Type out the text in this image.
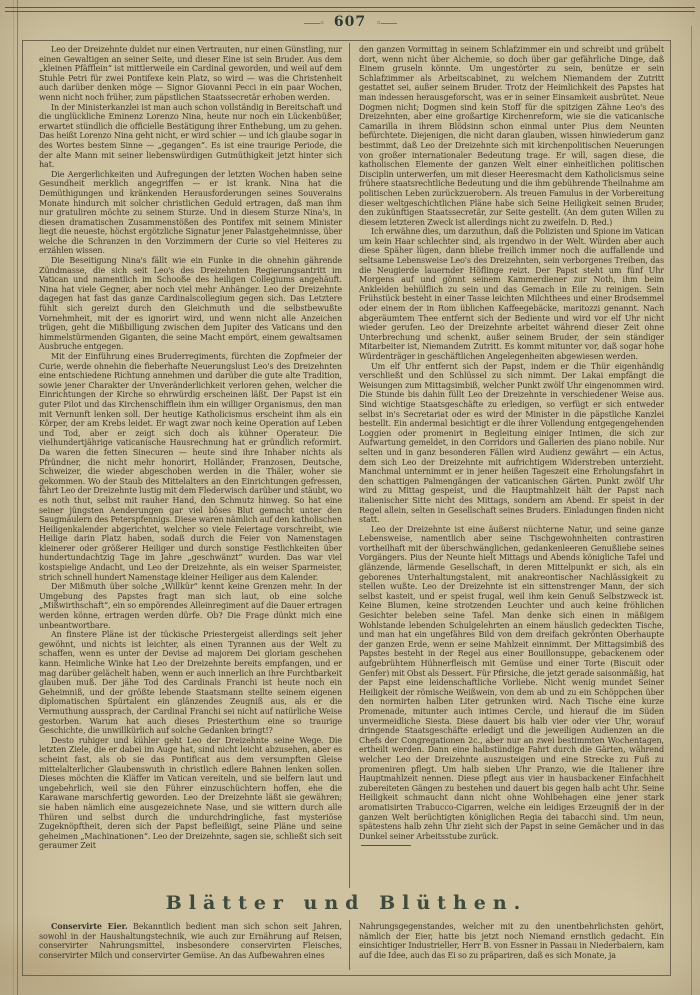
——◦ 607 ◦——

Leo der Dreizehnte duldet nur einen Vertrauten, nur einen Günstling, nur einen Gewaltigen an seiner Seite, und dieser Eine ist sein Bruder. Aus dem „kleinen Pfäfflein“ ist mittlerweile ein Cardinal geworden, und weil auf dem Stuhle Petri für zwei Pontifexe kein Platz, so wird — was die Christenheit auch darüber denken möge — Signor Giovanni Pecci in ein paar Wochen, wenn nicht noch früher, zum päpstlichen Staatssecretär erhoben werden.

In der Ministerkanzlei ist man auch schon vollständig in Bereitschaft und die unglückliche Eminenz Lorenzo Nina, heute nur noch ein Lückenbüßer, erwartet stündlich die officielle Bestätigung ihrer Enthebung, um zu gehen. Das heißt Lorenzo Nina geht nicht, er wird schier — und ich glaube sogar in des Wortes bestem Sinne — „gegangen“. Es ist eine traurige Periode, die der alte Mann mit seiner liebenswürdigen Gutmüthigkeit jetzt hinter sich hat.

Die Aergerlichkeiten und Aufregungen der letzten Wochen haben seine Gesundheit merklich angegriffen — er ist krank. Nina hat die Demüthigungen und kränkenden Herausforderungen seines Souverains Monate hindurch mit solcher christlichen Geduld ertragen, daß man ihm nur gratuliren möchte zu seinem Sturze. Und in diesem Sturze Nina's, in diesen dramatischen Zusammenstößen des Pontifex mit seinem Minister liegt die neueste, höchst ergötzliche Signatur jener Palastgeheimnisse, über welche die Schranzen in den Vorzimmern der Curie so viel Heiteres zu erzählen wissen.

Die Beseitigung Nina's fällt wie ein Funke in die ohnehin gährende Zündmasse, die sich seit Leo's des Dreizehnten Regierungsantritt im Vatican und namentlich im Schooße des heiligen Collegiums angehäuft. Nina hat viele Gegner, aber noch viel mehr Anhänger. Leo der Dreizehnte dagegen hat fast das ganze Cardinalscollegium gegen sich. Das Letztere fühlt sich gereizt durch den Gleichmuth und die selbstbewußte Vornehmheit, mit der es ignorirt wird, und wenn nicht alle Anzeichen trügen, geht die Mißbilligung zwischen dem Jupiter des Vaticans und den himmelstürmenden Giganten, die seine Macht empört, einem gewaltsamen Ausbruche entgegen.

Mit der Einführung eines Bruderregiments, fürchten die Zopfmeier der Curie, werde ohnehin die fieberhafte Neuerungslust Leo's des Dreizehnten eine entschiedene Richtung annehmen und darüber die gute alte Tradition, sowie jener Charakter der Unveränderlichkeit verloren gehen, welcher die Einrichtungen der Kirche so ehrwürdig erscheinen läßt. Der Papst ist ein guter Pilot und das Kirchenschifflein ihm ein williger Organismus, den man mit Vernunft lenken soll. Der heutige Katholicismus erscheint ihm als ein Körper, der am Krebs leidet. Er wagt zwar noch keine Operation auf Leben und Tod, aber er zeigt sich doch als kühner Operateur. Die vielhundertjährige vaticanische Hausrechnung hat er gründlich reformirt. Da waren die fetten Sinecuren — heute sind ihre Inhaber nichts als Pfründner, die nicht mehr honorirt, Holländer, Franzosen, Deutsche, Schweizer, die wieder abgeschoben werden in die Thäler, woher sie gekommen. Wo der Staub des Mittelalters an den Einrichtungen gefressen, fährt Leo der Dreizehnte lustig mit dem Flederwisch darüber und stäubt, wo es noth thut, selbst mit rauher Hand, den Schmutz hinweg. So hat eine seiner jüngsten Aenderungen gar viel böses Blut gemacht unter den Saugmäulern des Peterspfennigs. Diese waren nämlich auf den katholischen Heiligenkalender abgerichtet, welcher so viele Feiertage vorschreibt, wie Heilige darin Platz haben, sodaß durch die Feier von Namenstagen kleinerer oder größerer Heiliger und durch sonstige Festlichkeiten über hundertundachtzig Tage im Jahre „geschwänzt“ wurden. Das war viel kostspielige Andacht, und Leo der Dreizehnte, als ein weiser Sparmeister, strich schnell hundert Namenstage kleiner Heiliger aus dem Kalender.

Der Mißmuth über solche „Willkür“ kennt keine Grenzen mehr. In der Umgebung des Papstes fragt man sich laut, ob eine solche „Mißwirthschaft“, ein so empörendes Alleinregiment auf die Dauer ertragen werden könne, ertragen werden dürfe. Ob? Die Frage dünkt mich eine unbeantwortbare.

An finstere Pläne ist der tückische Priestergeist allerdings seit jeher gewöhnt, und nichts ist leichter, als einen Tyrannen aus der Welt zu schaffen, wenn es unter der Devise ad majorem Dei gloriam geschehen kann. Heimliche Winke hat Leo der Dreizehnte bereits empfangen, und er mag darüber gelächelt haben, wenn er auch innerlich an ihre Furchtbarkeit glauben muß. Der jähe Tod des Cardinals Franchi ist heute noch ein Geheimniß, und der größte lebende Staatsmann stellte seinem eigenen diplomatischen Spürtalent ein glänzendes Zeugniß aus, als er die Vermuthung aussprach, der Cardinal Franchi sei nicht auf natürliche Weise gestorben. Warum hat auch dieses Priesterthum eine so traurige Geschichte, die unwillkürlich auf solche Gedanken bringt!?

Desto ruhiger und kühler geht Leo der Dreizehnte seine Wege. Die letzten Ziele, die er dabei im Auge hat, sind nicht leicht abzusehen, aber es scheint fast, als ob sie das Pontificat aus dem versumpften Gleise mittelalterlicher Glaubenswuth in christlich edlere Bahnen lenken sollen. Dieses möchten die Kläffer im Vatican vereiteln, und sie belfern laut und ungebehrlich, weil sie den Führer einzuschüchtern hoffen, ehe die Karawane marschfertig geworden. Leo der Dreizehnte läßt sie gewähren; sie haben nämlich eine ausgezeichnete Nase, und sie wittern durch alle Thüren und selbst durch die undurchdringliche, fast mysteriöse Zugeknöpftheit, deren sich der Papst befleißigt, seine Pläne und seine geheimen „Machinationen“. Leo der Dreizehnte, sagen sie, schließt sich seit geraumer Zeit

den ganzen Vormittag in seinem Schlafzimmer ein und schreibt und grübelt dort, wenn nicht über Alchemie, so doch über gar gefährliche Dinge, daß Einem gruseln könnte. Um ungestörter zu sein, benütze er sein Schlafzimmer als Arbeitscabinet, zu welchem Niemandem der Zutritt gestattet sei, außer seinem Bruder. Trotz der Heimlichkeit des Papstes hat man indessen herausgeforscht, was er in seiner Einsamkeit ausbrütet. Neue Dogmen nicht; Dogmen sind kein Stoff für die spitzigen Zähne Leo's des Dreizehnten, aber eine großartige Kirchenreform, wie sie die vaticanische Camarilla in ihrem Blödsinn schon einmal unter Pius dem Neunten befürchtete. Diejenigen, die nicht daran glauben, wissen hinwiederum ganz bestimmt, daß Leo der Dreizehnte sich mit kirchenpolitischen Neuerungen von großer internationaler Bedeutung trage. Er will, sagen diese, die katholischen Elemente der ganzen Welt einer einheitlichen politischen Disciplin unterwerfen, um mit dieser Heeresmacht dem Katholicismus seine frühere staatsrechtliche Bedeutung und die ihm gebührende Theilnahme am politischen Leben zurückzuerobern. Als treuen Famulus in der Vorbereitung dieser weltgeschichtlichen Pläne habe sich Seine Heiligkeit seinen Bruder, den zukünftigen Staatssecretär, zur Seite gestellt. (An dem guten Willen zu diesem letzteren Zweck ist allerdings nicht zu zweifeln. D. Red.)

Ich erwähne dies, um darzuthun, daß die Polizisten und Spione im Vatican um kein Haar schlechter sind, als irgendwo in der Welt. Würden aber auch diese Späher lügen, dann bliebe freilich immer noch die auffallende und seltsame Lebensweise Leo's des Dreizehnten, sein verborgenes Treiben, das die Neugierde lauernder Höflinge reizt. Der Papst steht um fünf Uhr Morgens auf und gönnt seinem Kammerdiener zur Noth, ihm beim Ankleiden behülflich zu sein und das Gemach in Eile zu reinigen. Sein Frühstück besteht in einer Tasse leichten Milchthees und einer Brodsemmel oder einem der in Rom üblichen Kaffeegebäcke, maritozzi genannt. Nach abgeräumtem Thee entfernt sich der Bediente und wird vor elf Uhr nicht wieder gerufen. Leo der Dreizehnte arbeitet während dieser Zeit ohne Unterbrechung und schenkt, außer seinem Bruder, der sein ständiger Mitarbeiter ist, Niemandem Zutritt. Es kommt mitunter vor, daß sogar hohe Würdenträger in geschäftlichen Angelegenheiten abgewiesen werden.

Um elf Uhr entfernt sich der Papst, indem er die Thür eigenhändig verschließt und den Schlüssel zu sich nimmt. Der Lakai empfängt die Weisungen zum Mittagsimbiß, welcher Punkt zwölf Uhr eingenommen wird. Die Stunde bis dahin füllt Leo der Dreizehnte in verschiedener Weise aus. Sind wichtige Staatsgeschäfte zu erledigen, so verfügt er sich entweder selbst in's Secretariat oder es wird der Minister in die päpstliche Kanzlei bestellt. Ein andermal besichtigt er die ihrer Vollendung entgegengehenden Loggien oder promenirt in Begleitung einiger Intimen, die sich zur Aufwartung gemeldet, in den Corridors und Gallerien des piano nobile. Nur selten und in ganz besonderen Fällen wird Audienz gewährt — ein Actus, dem sich Leo der Dreizehnte mit aufrichtigem Widerstreben unterzieht. Manchmal unternimmt er in jener heißen Tageszeit eine Erholungsfahrt in den schattigen Palmengängen der vaticanischen Gärten. Punkt zwölf Uhr wird zu Mittag gespeist, und die Hauptmahlzeit hält der Papst nach italienischer Sitte nicht des Mittags, sondern am Abend. Er speist in der Regel allein, selten in Gesellschaft seines Bruders. Einladungen finden nicht statt.

Leo der Dreizehnte ist eine äußerst nüchterne Natur, und seine ganze Lebensweise, namentlich aber seine Tischgewohnheiten contrastiren vortheilhaft mit der überschwänglichen, gedankenleeren Genußliebe seines Vorgängers. Pius der Neunte hielt Mittags und Abends königliche Tafel und glänzende, lärmende Gesellschaft, in deren Mittelpunkt er sich, als ein geborenes Unterhaltungstalent, mit anakreontischer Nachlässigkeit zu stellen wußte. Leo der Dreizehnte ist ein sittenstrenger Mann, der sich selbst kasteit, und er speist frugal, weil ihm kein Genuß Selbstzweck ist. Keine Blumen, keine strotzenden Leuchter und auch keine fröhlichen Gesichter beleben seine Tafel. Man denke sich einen in mäßigem Wohlstande lebenden Schulgelehrten an einem häuslich gedeckten Tische, und man hat ein ungefähres Bild von dem dreifach gekrönten Oberhaupte der ganzen Erde, wenn er seine Mahlzeit einnimmt. Der Mittagsimbiß des Papstes besteht in der Regel aus einer Bouillonsuppe, gebackenem oder aufgebrühtem Hühnerfleisch mit Gemüse und einer Torte (Biscuit oder Genfer) mit Obst als Dessert. Für Pfirsiche, die jetzt gerade saisonmäßig, hat der Papst eine leidenschaftliche Vorliebe. Nicht wenig mundet Seiner Heiligkeit der römische Weißwein, von dem ab und zu ein Schöppchen über den normirten halben Liter getrunken wird. Nach Tische eine kurze Promenade, mitunter auch intimes Cercle, und hierauf die im Süden unvermeidliche Siesta. Diese dauert bis halb vier oder vier Uhr, worauf dringende Staatsgeschäfte erledigt und die jeweiligen Audienzen an die Chefs der Congregationen 2c., aber nur an zwei bestimmten Wochentagen, ertheilt werden. Dann eine halbstündige Fahrt durch die Gärten, während welcher Leo der Dreizehnte auszusteigen und eine Strecke zu Fuß zu promeniren pflegt. Um halb sieben Uhr Pranzo, wie die Italiener ihre Hauptmahlzeit nennen. Diese pflegt aus vier in hausbackener Einfachheit zubereiteten Gängen zu bestehen und dauert bis gegen halb acht Uhr. Seine Heiligkeit schmaucht dann nicht ohne Wohlbehagen eine jener stark aromatisirten Trabucco-Cigarren, welche ein leidiges Erzeugniß der in der ganzen Welt berüchtigten königlichen Regia dei tabacchi sind. Um neun, spätestens halb zehn Uhr zieht sich der Papst in seine Gemächer und in das Dunkel seiner Arbeitsstube zurück.

Blätter und Blüthen.

Conservirte Eier. Bekanntlich bedient man sich schon seit Jahren, sowohl in der Haushaltungstechnik, wie auch zur Ernährung auf Reisen, conservirter Nahrungsmittel, insbesondere conservirten Fleisches, conservirter Milch und conservirter Gemüse. An das Aufbewahren eines

Nahrungsgegenstandes, welcher mit zu den unentbehrlichsten gehört, nämlich der Eier, hatte bis jetzt noch Niemand ernstlich gedacht. Ein einsichtiger Industrieller, Herr B. von Essner in Passau in Niederbaiern, kam auf die Idee, auch das Ei so zu präpariren, daß es sich Monate, ja
